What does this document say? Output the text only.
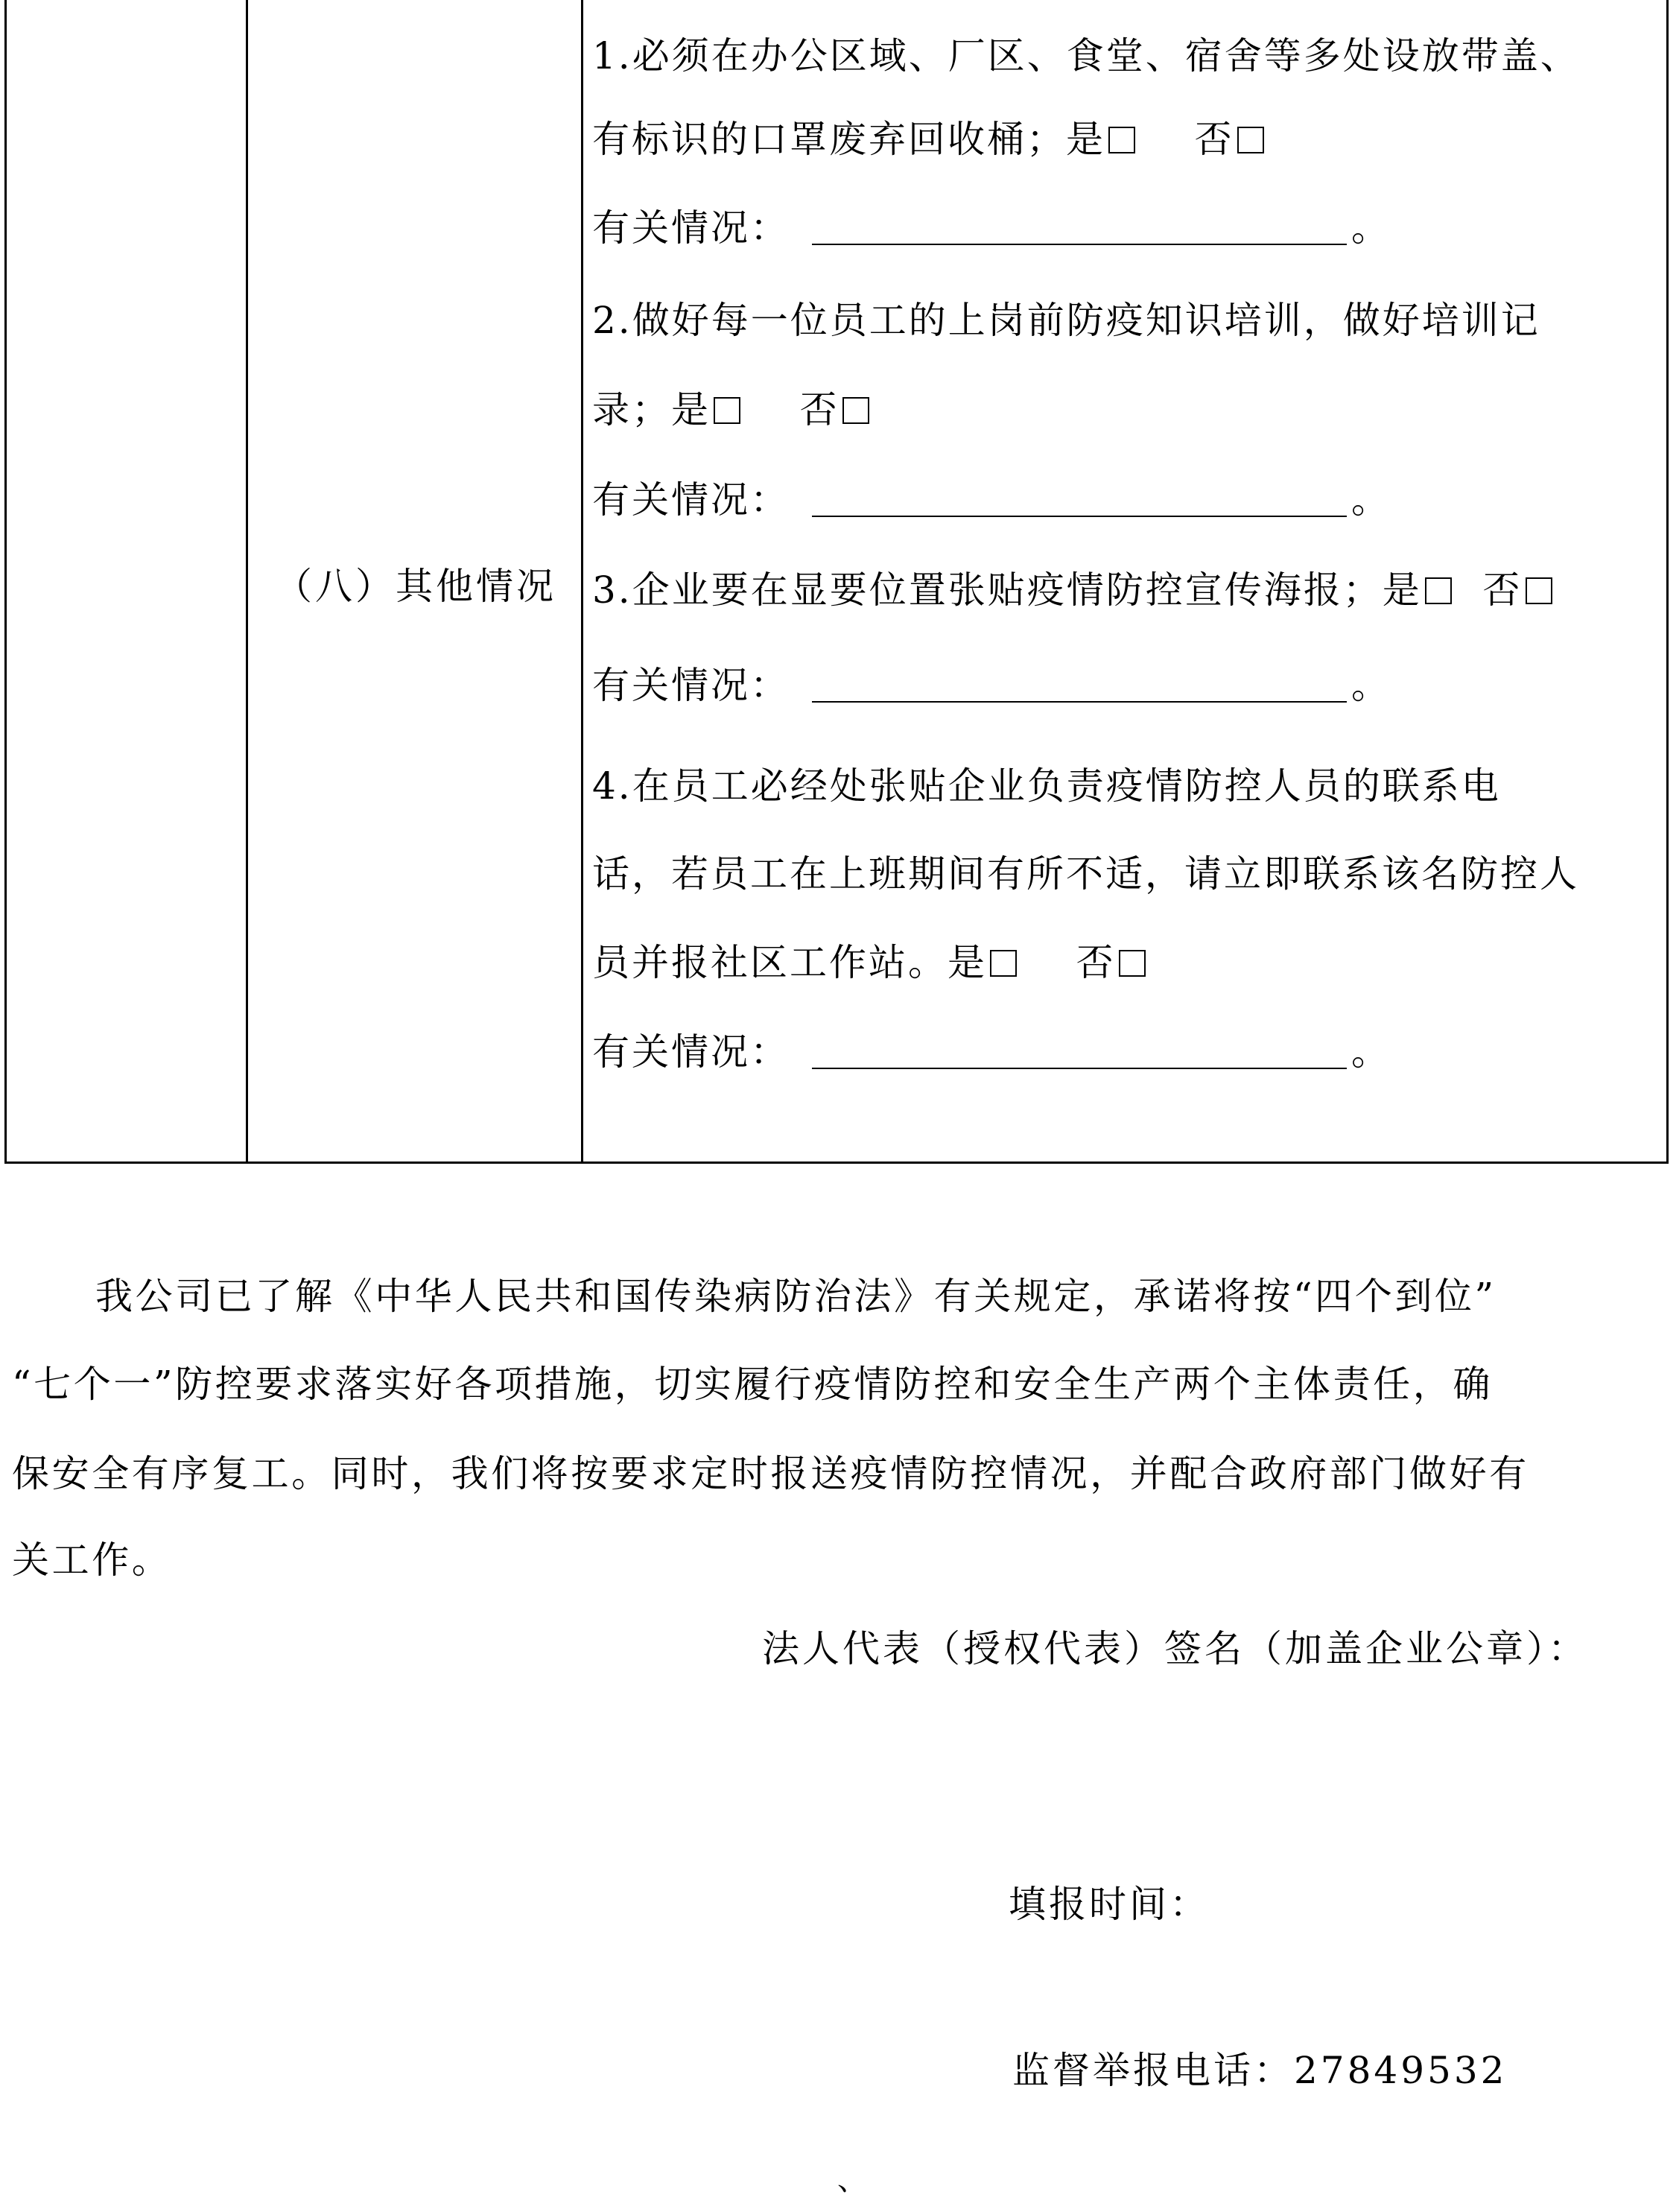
（八）其他情况
1.必须在办公区域、厂区、食堂、宿舍等多处设放带盖、
有标识的口罩废弃回收桶；是 否
有关情况：	。
2.做好每一位员工的上岗前防疫知识培训，做好培训记
录；是 否
有关情况：	。
3.企业要在显要位置张贴疫情防控宣传海报；是 否
有关情况：	。
4.在员工必经处张贴企业负责疫情防控人员的联系电
话，若员工在上班期间有所不适，请立即联系该名防控人
员并报社区工作站。是 否
有关情况：	。
我公司已了解《中华人民共和国传染病防治法》有关规定，承诺将按“四个到位”
“七个一”防控要求落实好各项措施，切实履行疫情防控和安全生产两个主体责任，确
保安全有序复工。同时，我们将按要求定时报送疫情防控情况，并配合政府部门做好有
关工作。
法人代表（授权代表）签名（加盖企业公章）：
填报时间：
监督举报电话：27849532
、
